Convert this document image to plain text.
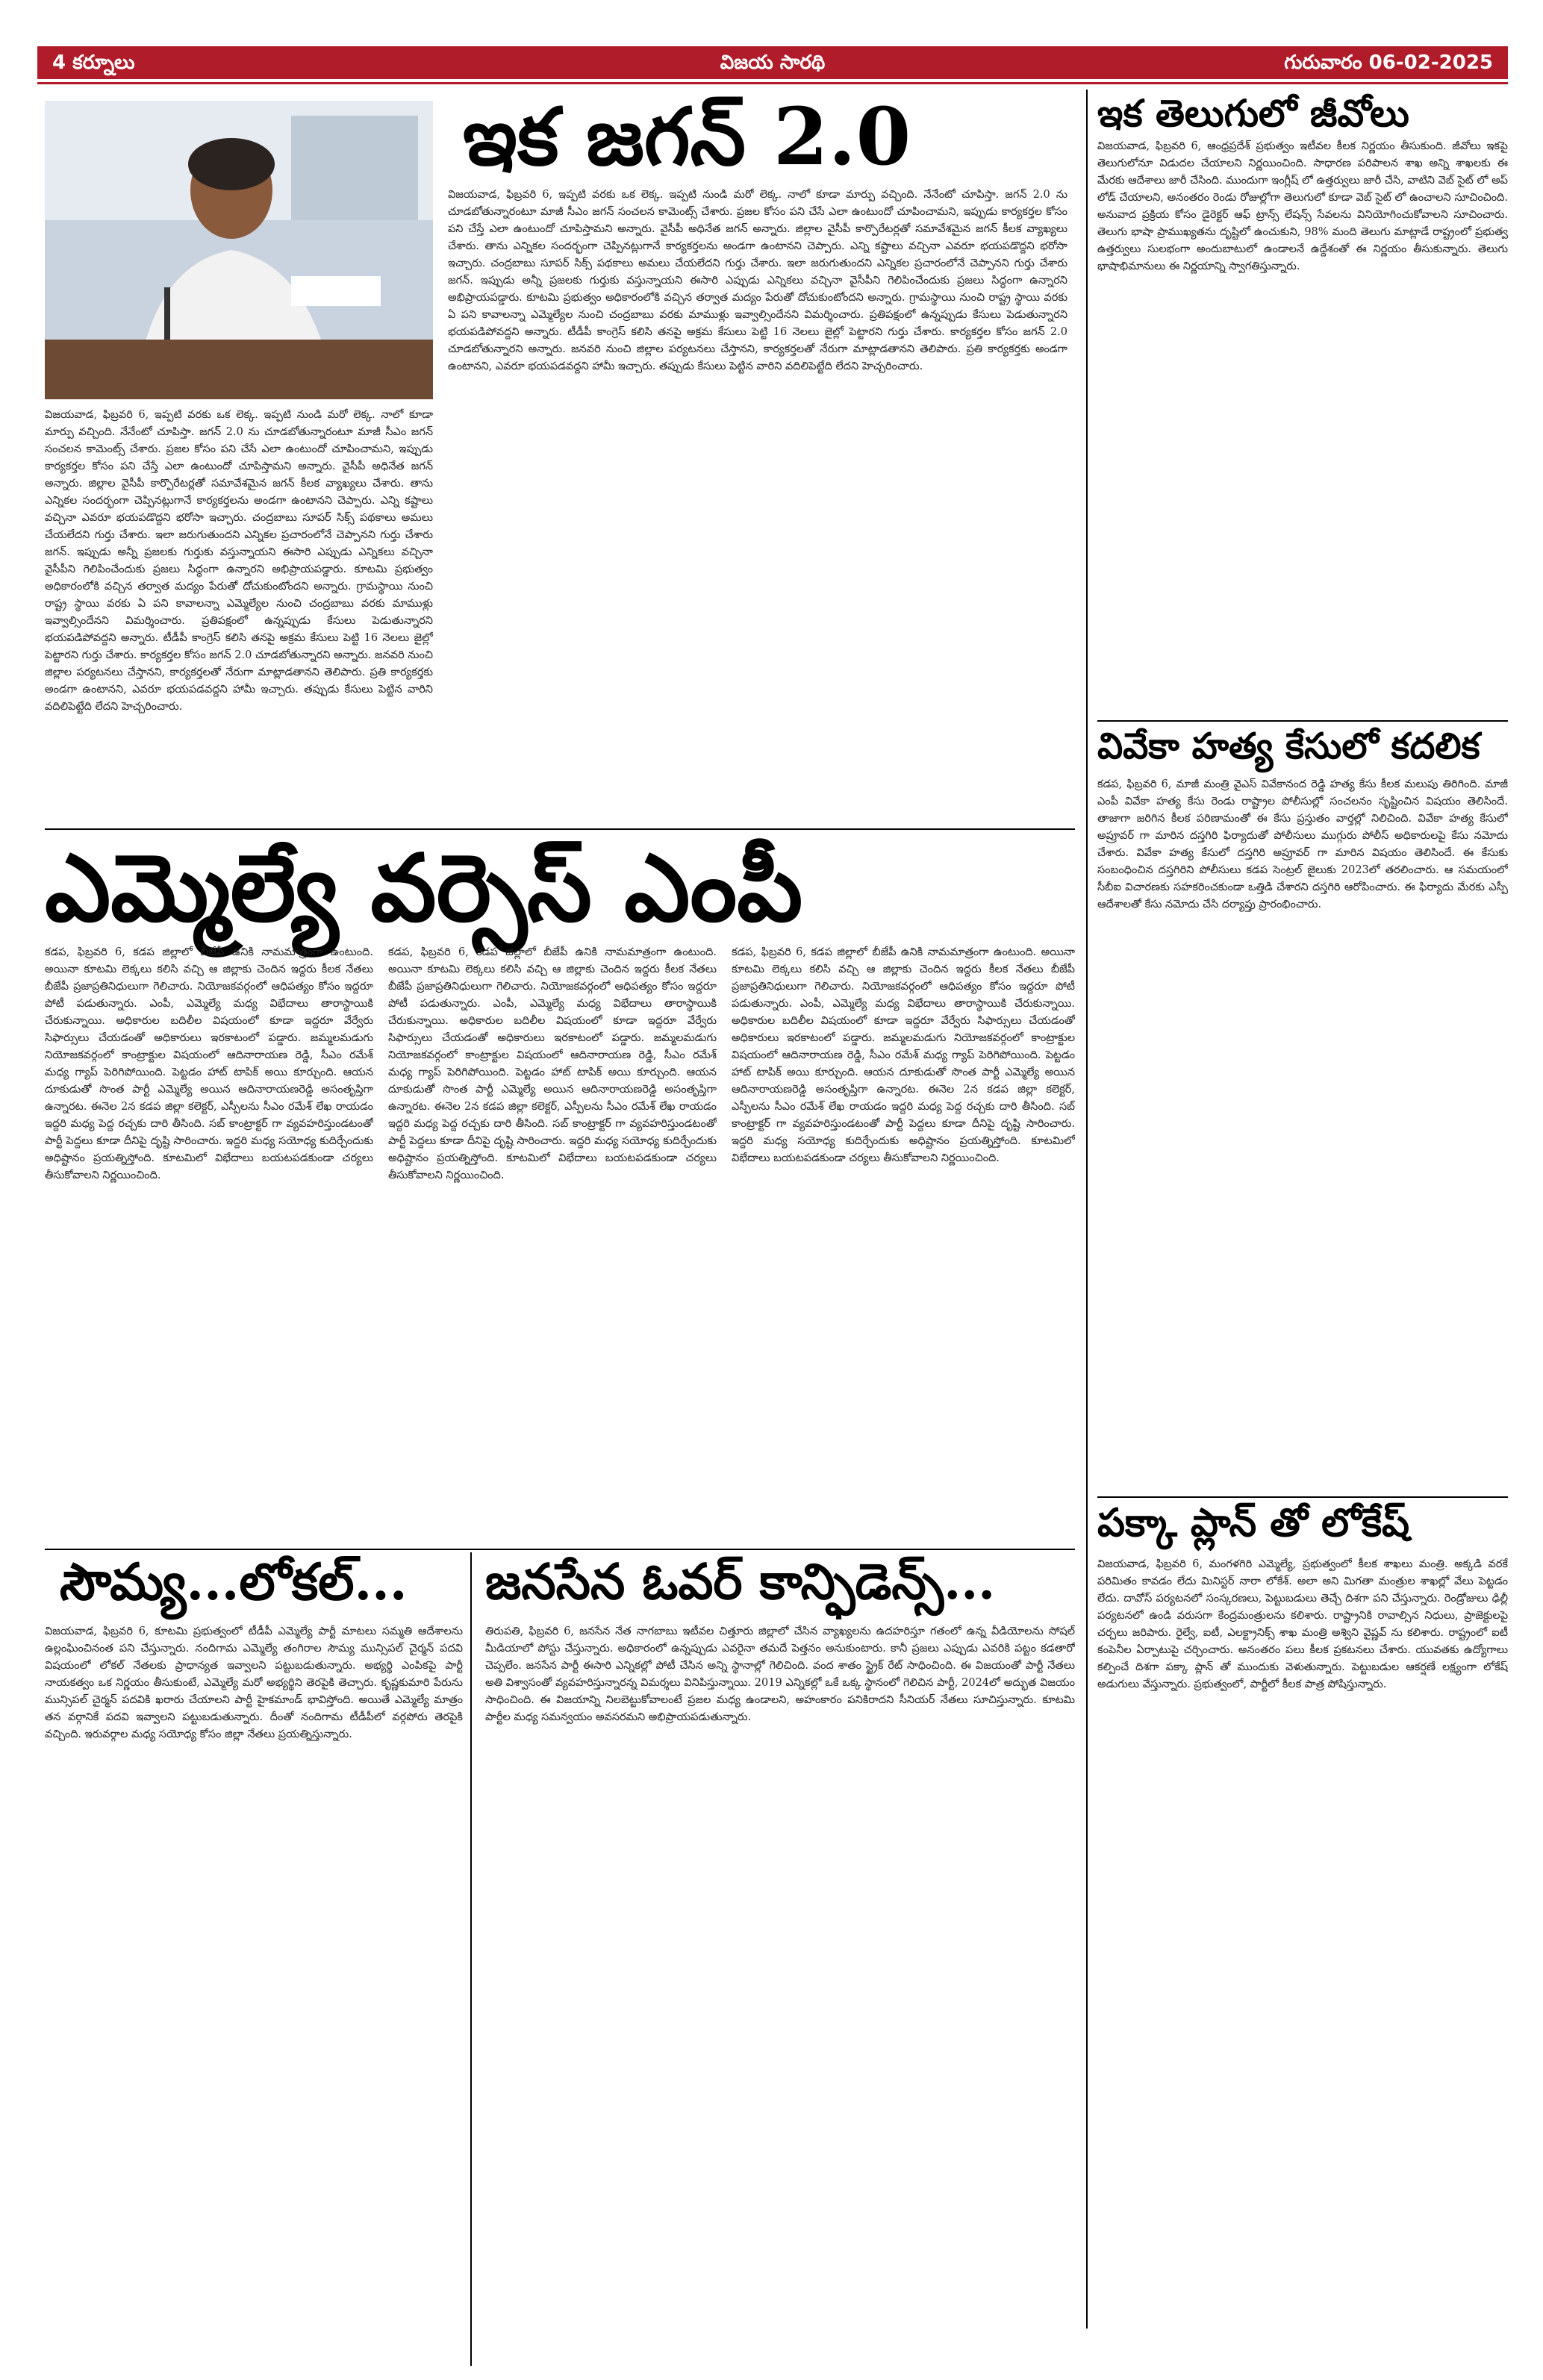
4 కర్నూలు	విజయ సారథి	గురువారం 06-02-2025
ఇక జగన్ 2.0
విజయవాడ, ఫిబ్రవరి 6, ఇప్పటి వరకు ఒక లెక్క. ఇప్పటి నుండి మరో లెక్క. నాలో కూడా మార్పు వచ్చింది. నేనేంటో చూపిస్తా. జగన్ 2.0 ను చూడబోతున్నారంటూ మాజీ సీఎం జగన్ సంచలన కామెంట్స్ చేశారు. ప్రజల కోసం పని చేసే ఎలా ఉంటుందో చూపించామని, ఇప్పుడు కార్యకర్తల కోసం పని చేస్తే ఎలా ఉంటుందో చూపిస్తామని అన్నారు. వైసీపీ అధినేత జగన్ అన్నారు. జిల్లాల వైసీపీ కార్పొరేటర్లతో సమావేశమైన జగన్ కీలక వ్యాఖ్యలు చేశారు. తాను ఎన్నికల సందర్భంగా చెప్పినట్లుగానే కార్యకర్తలను అండగా ఉంటానని చెప్పారు. ఎన్ని కష్టాలు వచ్చినా ఎవరూ భయపడొద్దని భరోసా ఇచ్చారు. చంద్రబాబు సూపర్ సిక్స్ పథకాలు అమలు చేయలేదని గుర్తు చేశారు. ఇలా జరుగుతుందని ఎన్నికల ప్రచారంలోనే చెప్పానని గుర్తు చేశారు జగన్. ఇప్పుడు అన్నీ ప్రజలకు గుర్తుకు వస్తున్నాయని ఈసారి ఎప్పుడు ఎన్నికలు వచ్చినా వైసీపీని గెలిపించేందుకు ప్రజలు సిద్ధంగా ఉన్నారని అభిప్రాయపడ్డారు. కూటమి ప్రభుత్వం అధికారంలోకి వచ్చిన తర్వాత మద్యం పేరుతో దోచుకుంటోందని అన్నారు. గ్రామస్థాయి నుంచి రాష్ట్ర స్థాయి వరకు ఏ పని కావాలన్నా ఎమ్మెల్యేల నుంచి చంద్రబాబు వరకు మాముళ్లు ఇవ్వాల్సిందేనని విమర్శించారు. ప్రతిపక్షంలో ఉన్నప్పుడు కేసులు పెడుతున్నారని భయపడిపోవద్దని అన్నారు. టీడీపీ కాంగ్రెస్ కలిసి తనపై అక్రమ కేసులు పెట్టి 16 నెలలు జైల్లో పెట్టారని గుర్తు చేశారు. కార్యకర్తల కోసం జగన్ 2.0 చూడబోతున్నారని అన్నారు. జనవరి నుంచి జిల్లాల పర్యటనలు చేస్తానని, కార్యకర్తలతో నేరుగా మాట్లాడతానని తెలిపారు. ప్రతి కార్యకర్తకు అండగా ఉంటానని, ఎవరూ భయపడవద్దని హామీ ఇచ్చారు. తప్పుడు కేసులు పెట్టిన వారిని వదిలిపెట్టేది లేదని హెచ్చరించారు.
విజయవాడ, ఫిబ్రవరి 6, ఇప్పటి వరకు ఒక లెక్క. ఇప్పటి నుండి మరో లెక్క. నాలో కూడా మార్పు వచ్చింది. నేనేంటో చూపిస్తా. జగన్ 2.0 ను చూడబోతున్నారంటూ మాజీ సీఎం జగన్ సంచలన కామెంట్స్ చేశారు. ప్రజల కోసం పని చేసే ఎలా ఉంటుందో చూపించామని, ఇప్పుడు కార్యకర్తల కోసం పని చేస్తే ఎలా ఉంటుందో చూపిస్తామని అన్నారు. వైసీపీ అధినేత జగన్ అన్నారు. జిల్లాల వైసీపీ కార్పొరేటర్లతో సమావేశమైన జగన్ కీలక వ్యాఖ్యలు చేశారు. తాను ఎన్నికల సందర్భంగా చెప్పినట్లుగానే కార్యకర్తలను అండగా ఉంటానని చెప్పారు. ఎన్ని కష్టాలు వచ్చినా ఎవరూ భయపడొద్దని భరోసా ఇచ్చారు. చంద్రబాబు సూపర్ సిక్స్ పథకాలు అమలు చేయలేదని గుర్తు చేశారు. ఇలా జరుగుతుందని ఎన్నికల ప్రచారంలోనే చెప్పానని గుర్తు చేశారు జగన్. ఇప్పుడు అన్నీ ప్రజలకు గుర్తుకు వస్తున్నాయని ఈసారి ఎప్పుడు ఎన్నికలు వచ్చినా వైసీపీని గెలిపించేందుకు ప్రజలు సిద్ధంగా ఉన్నారని అభిప్రాయపడ్డారు. కూటమి ప్రభుత్వం అధికారంలోకి వచ్చిన తర్వాత మద్యం పేరుతో దోచుకుంటోందని అన్నారు. గ్రామస్థాయి నుంచి రాష్ట్ర స్థాయి వరకు ఏ పని కావాలన్నా ఎమ్మెల్యేల నుంచి చంద్రబాబు వరకు మాముళ్లు ఇవ్వాల్సిందేనని విమర్శించారు. ప్రతిపక్షంలో ఉన్నప్పుడు కేసులు పెడుతున్నారని భయపడిపోవద్దని అన్నారు. టీడీపీ కాంగ్రెస్ కలిసి తనపై అక్రమ కేసులు పెట్టి 16 నెలలు జైల్లో పెట్టారని గుర్తు చేశారు. కార్యకర్తల కోసం జగన్ 2.0 చూడబోతున్నారని అన్నారు. జనవరి నుంచి జిల్లాల పర్యటనలు చేస్తానని, కార్యకర్తలతో నేరుగా మాట్లాడతానని తెలిపారు. ప్రతి కార్యకర్తకు అండగా ఉంటానని, ఎవరూ భయపడవద్దని హామీ ఇచ్చారు. తప్పుడు కేసులు పెట్టిన వారిని వదిలిపెట్టేది లేదని హెచ్చరించారు.
ఇక తెలుగులో జీవోలు
విజయవాడ, ఫిబ్రవరి 6, ఆంధ్రప్రదేశ్ ప్రభుత్వం ఇటీవల కీలక నిర్ణయం తీసుకుంది. జీవోలు ఇకపై తెలుగులోనూ విడుదల చేయాలని నిర్ణయించింది. సాధారణ పరిపాలన శాఖ అన్ని శాఖలకు ఈ మేరకు ఆదేశాలు జారీ చేసింది. ముందుగా ఇంగ్లీష్ లో ఉత్తర్వులు జారీ చేసి, వాటిని వెబ్ సైట్ లో అప్ లోడ్ చేయాలని, అనంతరం రెండు రోజుల్లోగా తెలుగులో కూడా వెబ్ సైట్ లో ఉంచాలని సూచించింది. అనువాద ప్రక్రియ కోసం డైరెక్టర్ ఆఫ్ ట్రాన్స్ లేషన్స్ సేవలను వినియోగించుకోవాలని సూచించారు. తెలుగు భాషా ప్రాముఖ్యతను దృష్టిలో ఉంచుకుని, 98% మంది తెలుగు మాట్లాడే రాష్ట్రంలో ప్రభుత్వ ఉత్తర్వులు సులభంగా అందుబాటులో ఉండాలనే ఉద్దేశంతో ఈ నిర్ణయం తీసుకున్నారు. తెలుగు భాషాభిమానులు ఈ నిర్ణయాన్ని స్వాగతిస్తున్నారు.
వివేకా హత్య కేసులో కదలిక
కడప, ఫిబ్రవరి 6, మాజీ మంత్రి వైఎస్ వివేకానంద రెడ్డి హత్య కేసు కీలక మలుపు తిరిగింది. మాజీ ఎంపీ వివేకా హత్య కేసు రెండు రాష్ట్రాల పోలీసుల్లో సంచలనం సృష్టించిన విషయం తెలిసిందే. తాజాగా జరిగిన కీలక పరిణామంతో ఈ కేసు ప్రస్తుతం వార్తల్లో నిలిచింది. వివేకా హత్య కేసులో అప్రూవర్ గా మారిన దస్తగిరి ఫిర్యాదుతో పోలీసులు ముగ్గురు పోలీస్ అధికారులపై కేసు నమోదు చేశారు. వివేకా హత్య కేసులో దస్తగిరి అప్రూవర్ గా మారిన విషయం తెలిసిందే. ఈ కేసుకు సంబంధించిన దస్తగిరిని పోలీసులు కడప సెంట్రల్ జైలుకు 2023లో తరలించారు. ఆ సమయంలో సీబీఐ విచారణకు సహకరించకుండా ఒత్తిడి చేశారని దస్తగిరి ఆరోపించారు. ఈ ఫిర్యాదు మేరకు ఎస్పీ ఆదేశాలతో కేసు నమోదు చేసి దర్యాప్తు ప్రారంభించారు.
పక్కా ప్లాన్ తో లోకేష్
విజయవాడ, ఫిబ్రవరి 6, మంగళగిరి ఎమ్మెల్యే, ప్రభుత్వంలో కీలక శాఖలు మంత్రి. అక్కడి వరకే పరిమితం కావడం లేదు మినిస్టర్ నారా లోకేశ్. అలా అని మిగతా మంత్రుల శాఖల్లో వేలు పెట్టడం లేదు. దావోస్ పర్యటనలో సంస్కరణలు, పెట్టుబడులు తెచ్చే దిశగా పని చేస్తున్నారు. రెండ్రోజులు ఢిల్లీ పర్యటనలో ఉండి వరుసగా కేంద్రమంత్రులను కలిశారు. రాష్ట్రానికి రావాల్సిన నిధులు, ప్రాజెక్టులపై చర్చలు జరిపారు. రైల్వే, ఐటీ, ఎలక్ట్రానిక్స్ శాఖ మంత్రి అశ్విని వైష్ణవ్ ను కలిశారు. రాష్ట్రంలో ఐటీ కంపెనీల ఏర్పాటుపై చర్చించారు. అనంతరం పలు కీలక ప్రకటనలు చేశారు. యువతకు ఉద్యోగాలు కల్పించే దిశగా పక్కా ప్లాన్ తో ముందుకు వెళుతున్నారు. పెట్టుబడుల ఆకర్షణే లక్ష్యంగా లోకేష్ అడుగులు వేస్తున్నారు. ప్రభుత్వంలో, పార్టీలో కీలక పాత్ర పోషిస్తున్నారు.
ఎమ్మెల్యే వర్సెస్ ఎంపీ
కడప, ఫిబ్రవరి 6, కడప జిల్లాలో బీజేపీ ఉనికి నామమాత్రంగా ఉంటుంది. అయినా కూటమి లెక్కలు కలిసి వచ్చి ఆ జిల్లాకు చెందిన ఇద్దరు కీలక నేతలు బీజేపీ ప్రజాప్రతినిధులుగా గెలిచారు. నియోజకవర్గంలో ఆధిపత్యం కోసం ఇద్దరూ పోటీ పడుతున్నారు. ఎంపీ, ఎమ్మెల్యే మధ్య విభేదాలు తారాస్థాయికి చేరుకున్నాయి. అధికారుల బదిలీల విషయంలో కూడా ఇద్దరూ వేర్వేరు సిఫార్సులు చేయడంతో అధికారులు ఇరకాటంలో పడ్డారు. జమ్మలమడుగు నియోజకవర్గంలో కాంట్రాక్టుల విషయంలో ఆదినారాయణ రెడ్డి, సీఎం రమేశ్ మధ్య గ్యాప్ పెరిగిపోయింది. పెట్టడం హాట్ టాపిక్ అయి కూర్చుంది. ఆయన దూకుడుతో సొంత పార్టీ ఎమ్మెల్యే అయిన ఆదినారాయణరెడ్డి అసంతృప్తిగా ఉన్నారట. ఈనెల 2న కడప జిల్లా కలెక్టర్, ఎస్పీలను సీఎం రమేశ్ లేఖ రాయడం ఇద్దరి మధ్య పెద్ద రచ్చకు దారి తీసింది. సబ్ కాంట్రాక్టర్ గా వ్యవహరిస్తుండటంతో పార్టీ పెద్దలు కూడా దీనిపై దృష్టి సారించారు. ఇద్దరి మధ్య సయోధ్య కుదిర్చేందుకు అధిష్టానం ప్రయత్నిస్తోంది. కూటమిలో విభేదాలు బయటపడకుండా చర్యలు తీసుకోవాలని నిర్ణయించింది.
కడప, ఫిబ్రవరి 6, కడప జిల్లాలో బీజేపీ ఉనికి నామమాత్రంగా ఉంటుంది. అయినా కూటమి లెక్కలు కలిసి వచ్చి ఆ జిల్లాకు చెందిన ఇద్దరు కీలక నేతలు బీజేపీ ప్రజాప్రతినిధులుగా గెలిచారు. నియోజకవర్గంలో ఆధిపత్యం కోసం ఇద్దరూ పోటీ పడుతున్నారు. ఎంపీ, ఎమ్మెల్యే మధ్య విభేదాలు తారాస్థాయికి చేరుకున్నాయి. అధికారుల బదిలీల విషయంలో కూడా ఇద్దరూ వేర్వేరు సిఫార్సులు చేయడంతో అధికారులు ఇరకాటంలో పడ్డారు. జమ్మలమడుగు నియోజకవర్గంలో కాంట్రాక్టుల విషయంలో ఆదినారాయణ రెడ్డి, సీఎం రమేశ్ మధ్య గ్యాప్ పెరిగిపోయింది. పెట్టడం హాట్ టాపిక్ అయి కూర్చుంది. ఆయన దూకుడుతో సొంత పార్టీ ఎమ్మెల్యే అయిన ఆదినారాయణరెడ్డి అసంతృప్తిగా ఉన్నారట. ఈనెల 2న కడప జిల్లా కలెక్టర్, ఎస్పీలను సీఎం రమేశ్ లేఖ రాయడం ఇద్దరి మధ్య పెద్ద రచ్చకు దారి తీసింది. సబ్ కాంట్రాక్టర్ గా వ్యవహరిస్తుండటంతో పార్టీ పెద్దలు కూడా దీనిపై దృష్టి సారించారు. ఇద్దరి మధ్య సయోధ్య కుదిర్చేందుకు అధిష్టానం ప్రయత్నిస్తోంది. కూటమిలో విభేదాలు బయటపడకుండా చర్యలు తీసుకోవాలని నిర్ణయించింది.
కడప, ఫిబ్రవరి 6, కడప జిల్లాలో బీజేపీ ఉనికి నామమాత్రంగా ఉంటుంది. అయినా కూటమి లెక్కలు కలిసి వచ్చి ఆ జిల్లాకు చెందిన ఇద్దరు కీలక నేతలు బీజేపీ ప్రజాప్రతినిధులుగా గెలిచారు. నియోజకవర్గంలో ఆధిపత్యం కోసం ఇద్దరూ పోటీ పడుతున్నారు. ఎంపీ, ఎమ్మెల్యే మధ్య విభేదాలు తారాస్థాయికి చేరుకున్నాయి. అధికారుల బదిలీల విషయంలో కూడా ఇద్దరూ వేర్వేరు సిఫార్సులు చేయడంతో అధికారులు ఇరకాటంలో పడ్డారు. జమ్మలమడుగు నియోజకవర్గంలో కాంట్రాక్టుల విషయంలో ఆదినారాయణ రెడ్డి, సీఎం రమేశ్ మధ్య గ్యాప్ పెరిగిపోయింది. పెట్టడం హాట్ టాపిక్ అయి కూర్చుంది. ఆయన దూకుడుతో సొంత పార్టీ ఎమ్మెల్యే అయిన ఆదినారాయణరెడ్డి అసంతృప్తిగా ఉన్నారట. ఈనెల 2న కడప జిల్లా కలెక్టర్, ఎస్పీలను సీఎం రమేశ్ లేఖ రాయడం ఇద్దరి మధ్య పెద్ద రచ్చకు దారి తీసింది. సబ్ కాంట్రాక్టర్ గా వ్యవహరిస్తుండటంతో పార్టీ పెద్దలు కూడా దీనిపై దృష్టి సారించారు. ఇద్దరి మధ్య సయోధ్య కుదిర్చేందుకు అధిష్టానం ప్రయత్నిస్తోంది. కూటమిలో విభేదాలు బయటపడకుండా చర్యలు తీసుకోవాలని నిర్ణయించింది.
సౌమ్య...లోకల్...
విజయవాడ, ఫిబ్రవరి 6, కూటమి ప్రభుత్వంలో టీడీపీ ఎమ్మెల్యే పార్టీ మాటలు సమ్మతి ఆదేశాలను ఉల్లంఘించినంత పని చేస్తున్నారు. నందిగామ ఎమ్మెల్యే తంగిరాల సౌమ్య మున్సిపల్ చైర్మన్ పదవి విషయంలో లోకల్ నేతలకు ప్రాధాన్యత ఇవ్వాలని పట్టుబడుతున్నారు. అభ్యర్థి ఎంపికపై పార్టీ నాయకత్వం ఒక నిర్ణయం తీసుకుంటే, ఎమ్మెల్యే మరో అభ్యర్థిని తెరపైకి తెచ్చారు. కృష్ణకుమారి పేరును మున్సిపల్ చైర్మన్ పదవికి ఖరారు చేయాలని పార్టీ హైకమాండ్ భావిస్తోంది. అయితే ఎమ్మెల్యే మాత్రం తన వర్గానికే పదవి ఇవ్వాలని పట్టుబడుతున్నారు. దీంతో నందిగామ టీడీపీలో వర్గపోరు తెరపైకి వచ్చింది. ఇరువర్గాల మధ్య సయోధ్య కోసం జిల్లా నేతలు ప్రయత్నిస్తున్నారు.
జనసేన ఓవర్ కాన్ఫిడెన్స్...
తిరుపతి, ఫిబ్రవరి 6, జనసేన నేత నాగబాబు ఇటీవల చిత్తూరు జిల్లాలో చేసిన వ్యాఖ్యలను ఉదహరిస్తూ గతంలో ఉన్న వీడియోలను సోషల్ మీడియాలో పోస్టు చేస్తున్నారు. అధికారంలో ఉన్నప్పుడు ఎవరైనా తమదే పెత్తనం అనుకుంటారు. కానీ ప్రజలు ఎప్పుడు ఎవరికి పట్టం కడతారో చెప్పలేం. జనసేన పార్టీ ఈసారి ఎన్నికల్లో పోటీ చేసిన అన్ని స్థానాల్లో గెలిచింది. వంద శాతం స్ట్రైక్ రేట్ సాధించింది. ఈ విజయంతో పార్టీ నేతలు అతి విశ్వాసంతో వ్యవహరిస్తున్నారన్న విమర్శలు వినిపిస్తున్నాయి. 2019 ఎన్నికల్లో ఒకే ఒక్క స్థానంలో గెలిచిన పార్టీ, 2024లో అద్భుత విజయం సాధించింది. ఈ విజయాన్ని నిలబెట్టుకోవాలంటే ప్రజల మధ్య ఉండాలని, అహంకారం పనికిరాదని సీనియర్ నేతలు సూచిస్తున్నారు. కూటమి పార్టీల మధ్య సమన్వయం అవసరమని అభిప్రాయపడుతున్నారు.
